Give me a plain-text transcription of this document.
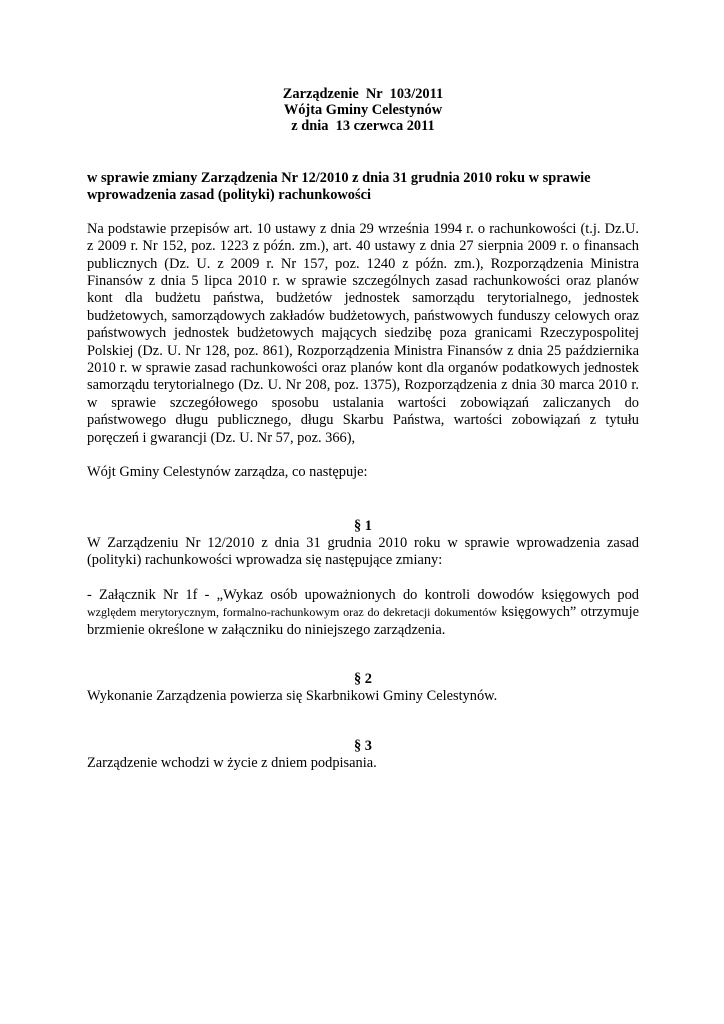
Zarządzenie  Nr  103/2011
Wójta Gminy Celestynów
z dnia  13 czerwca 2011
w sprawie zmiany Zarządzenia Nr 12/2010 z dnia 31 grudnia 2010 roku w sprawie wprowadzenia zasad (polityki) rachunkowości
Na podstawie przepisów art. 10 ustawy z dnia 29 września 1994 r. o rachunkowości (t.j. Dz.U. z 2009 r. Nr 152, poz. 1223 z późn. zm.), art. 40 ustawy z dnia 27 sierpnia 2009 r. o finansach publicznych (Dz. U. z 2009 r. Nr 157, poz. 1240 z późn. zm.), Rozporządzenia Ministra Finansów z dnia 5 lipca 2010 r. w sprawie szczególnych zasad rachunkowości oraz planów kont dla budżetu państwa, budżetów jednostek samorządu terytorialnego, jednostek budżetowych, samorządowych zakładów budżetowych, państwowych funduszy celowych oraz państwowych jednostek budżetowych mających siedzibę poza granicami Rzeczypospolitej Polskiej (Dz. U. Nr 128, poz. 861), Rozporządzenia Ministra Finansów z dnia 25 października 2010 r. w sprawie zasad rachunkowości oraz planów kont dla organów podatkowych jednostek samorządu terytorialnego (Dz. U. Nr 208, poz. 1375), Rozporządzenia z dnia 30 marca 2010 r. w sprawie szczegółowego sposobu ustalania wartości zobowiązań zaliczanych do państwowego długu publicznego, długu Skarbu Państwa, wartości zobowiązań z tytułu poręczeń i gwarancji (Dz. U. Nr 57, poz. 366),
Wójt Gminy Celestynów zarządza, co następuje:
§ 1
W Zarządzeniu Nr 12/2010 z dnia 31 grudnia 2010 roku w sprawie wprowadzenia zasad (polityki) rachunkowości wprowadza się następujące zmiany:
- Załącznik Nr 1f - „Wykaz osób upoważnionych do kontroli dowodów księgowych pod względem merytorycznym, formalno-rachunkowym oraz do dekretacji dokumentów księgowych” otrzymuje brzmienie określone w załączniku do niniejszego zarządzenia.
§ 2
Wykonanie Zarządzenia powierza się Skarbnikowi Gminy Celestynów.
§ 3
Zarządzenie wchodzi w życie z dniem podpisania.
